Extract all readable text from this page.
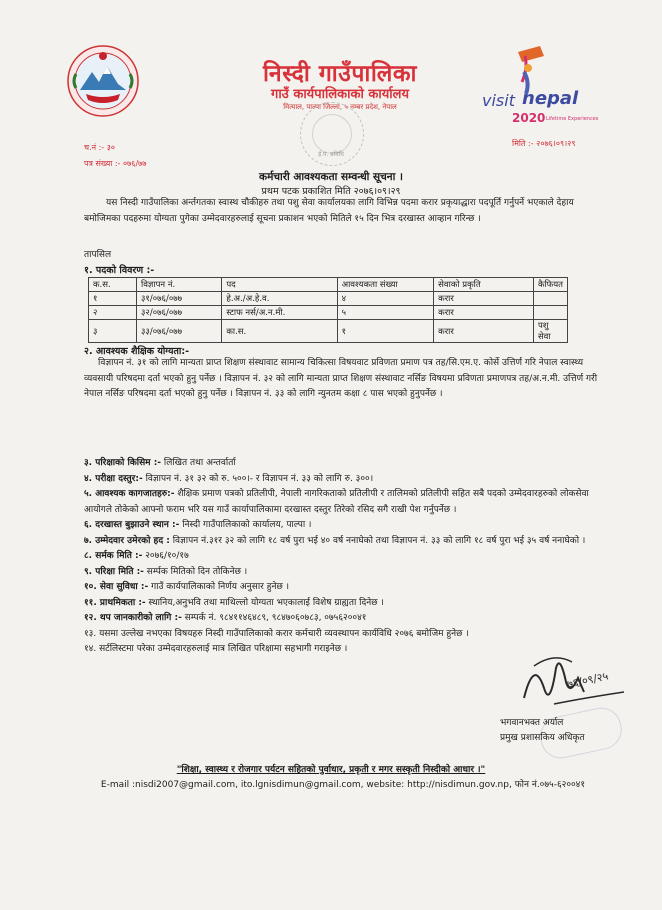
निस्दी गाउँपालिका
गाउँ कार्यपालिकाको कार्यालय
मित्याल, पाल्पा जिल्ला, ५ नम्बर प्रदेश, नेपाल
ई.पं. प्रविधि
visit nepal
2020 Lifetime Experiences
च.नं :- ३०
पत्र संख्या :- ०७६/७७
मिति :- २०७६।०९।२९
कर्मचारी आवश्यकता सम्वन्धी सूचना ।
प्रथम पटक प्रकाशित मिति २०७६।०९।२९
यस निस्दी गाउँपालिका अर्न्तगतका स्वास्थ चौकीहरु तथा पशु सेवा कार्यालयका लागि विभिन्न पदमा करार प्रकृयाद्धारा पदपूर्ति गर्नुपर्ने भएकाले देहाय बमोजिमका पदहरुमा योग्यता पुगेका उम्मेदवारहरुलाई सूचना प्रकाशन भएकाे मितिले १५ दिन भित्र दरखास्त आव्हान गरिन्छ ।
तापसिल
१. पदको विवरण :-
क.स.	विज्ञापन नं.	पद	आवश्यकता संख्या	सेवाको प्रकृति	कैफियत
१	३१/०७६/०७७	हे.अ./अ.हे.व.	४	करार	
२	३२/०७६/०७७	स्टाफ नर्स/अ.न.मी.	५	करार	
३	३३/०७६/०७७	का.स.	१	करार	पशु सेवा
२. आवश्यक शैक्षिक योग्यता:-
विज्ञापन नं. ३१ को लागि मान्यता प्राप्त शिक्षण संस्थावाट सामान्य चिकित्सा विषयवाट प्रविणता प्रमाण पत्र तह/सि.एम.ए. कोर्से उत्तिर्ण गरि नेपाल स्वास्थ्य व्यवसायी परिषदमा दर्ता भएको हुनु पर्नेछ । विज्ञापन नं. ३२ को लागि मान्यता प्राप्त शिक्षण संस्थावाट नर्सिङ विषयमा प्रविणता प्रमाणपत्र तह/अ.न.मी. उत्तिर्ण गरी नेपाल नर्सिङ परिषदमा दर्ता भएको हुनु पर्नेछ । विज्ञापन नं. ३३ को लागि न्युनतम कक्षा ८ पास भएको हुनुपर्नेछ ।
३. परिक्षाको किसिम :- लिखित तथा अन्तर्वार्ता
४. परीक्षा दस्तुर:- विज्ञापन नं. ३१ ३२ को रु. ५००।- र विज्ञापन नं. ३३ को लागि रु. ३००।
५. आवश्यक कागजातहरु:- शैक्षिक प्रमाण पत्रको प्रतिलीपी, नेपाली नागरिकताको प्रतिलीपी र तालिमको प्रतिलीपी सहित सबै पदको उम्मेदवारहरुको लोकसेवा आयोगले तोकेको आफ्नो फराम भरि यस गाउँ कार्यापालिकामा दरखास्त दस्तुर तिरेको रसिद सगै राखी पेश गर्नुपर्नेछ ।
६. दरखास्त बुझाउने स्थान :- निस्दी गाउँपालिकाको कार्यालय, पाल्पा ।
७. उम्मेदवार उमेरको हद : विज्ञापन नं.३१र ३२ को लागि १८ वर्ष पुरा भई ४० वर्ष ननाघेको तथा विज्ञापन नं. ३३ को लागि १८ वर्ष पुरा भई ३५ वर्ष ननाघेको ।
८. सर्मक मिति :- २०७६/१०/१७
९. परिक्षा मिति :- सर्म्पक मितिको दिन तोकिनेछ ।
१०. सेवा सुविधा :- गाउँ कार्यपालिकाको निर्णय अनुसार हुनेछ ।
११. प्राथमिकता :- स्थानिय,अनुभवि तथा माथिल्लो योग्यता भएकालाई विशेष ग्राह्यता दिनेछ ।
१२. थप जानकारीको लागि :- सम्पर्क नं. ९८४११४६४८९, ९८४७०६०७८३, ०७५६२००४१
१३. यसमा उल्लेख नभएका विषयहरु निस्दी गाउँपालिकाको करार कर्मचारी व्यवस्थापन कार्यविधि २०७६ बमोजिम हुनेछ ।
१४. सर्टलिस्टमा परेका उम्मेदवारहरुलाई मात्र लिखित परिक्षामा सहभागी गराइनेछ ।
७६/०९/२५
भगवानभक्त अर्याल
प्रमुख प्रशासकिय अधिकृत
"शिक्षा, स्वास्थ्य र रोजगार पर्यटन सहितको पुर्वाधार, प्रकृती र मगर सस्कृती निस्दीको आधार ।"
E-mail :nisdi2007@gmail.com, ito.lgnisdimun@gmail.com, website: http://nisdimun.gov.np, फोन नं.०७५-६२००४१
